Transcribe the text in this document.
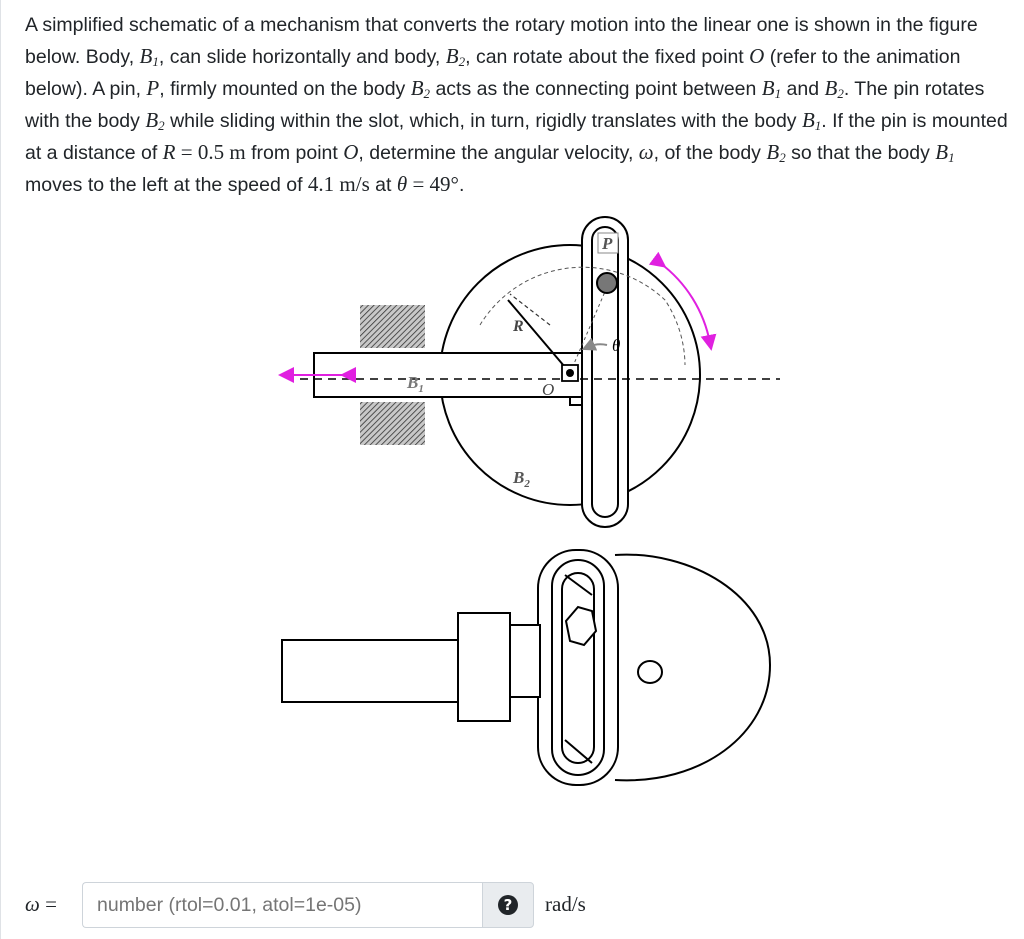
A simplified schematic of a mechanism that converts the rotary motion into the linear one is shown in the figure below. Body, $B_1$, can slide horizontally and body, $B_2$, can rotate about the fixed point O (refer to the animation below). A pin, P, firmly mounted on the body $B_2$ acts as the connecting point between $B_1$ and $B_2$. The pin rotates with the body $B_2$ while sliding within the slot, which, in turn, rigidly translates with the body $B_1$. If the pin is mounted at a distance of R = 0.5 m from point O, determine the angular velocity, ω, of the body $B_2$ so that the body $B_1$ moves to the left at the speed of 4.1 m/s at θ = 49°.

P
R
θ
O
$B_1$
$B_2$
ω =
number (rtol=0.01, atol=1e-05)	? rad/s
